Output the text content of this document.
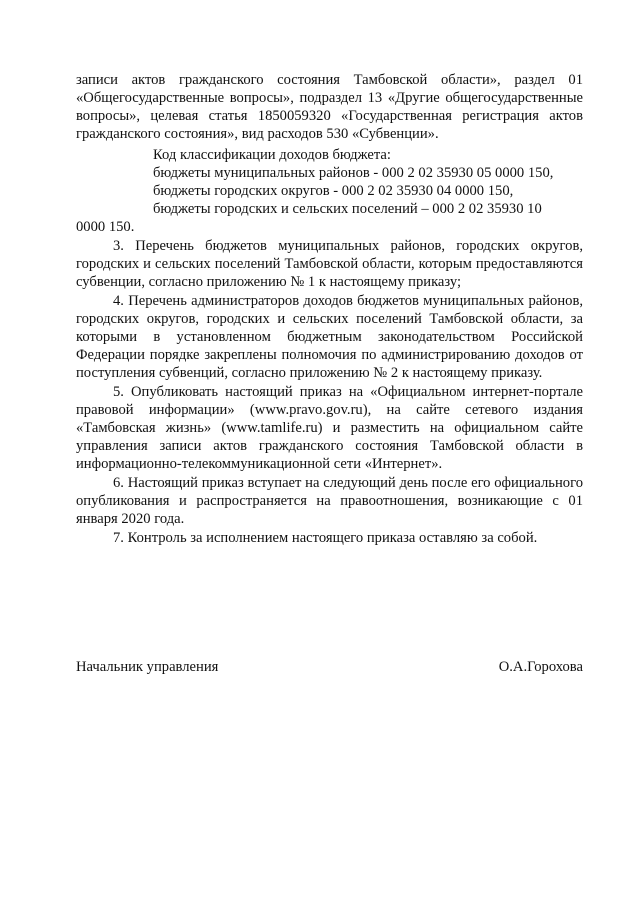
записи актов гражданского состояния Тамбовской области», раздел 01 «Общегосударственные вопросы», подраздел 13 «Другие общегосударственные вопросы», целевая статья 1850059320 «Государственная регистрация актов гражданского состояния», вид расходов 530 «Субвенции».

Код классификации доходов бюджета:
бюджеты муниципальных районов - 000 2 02 35930 05 0000 150,
бюджеты городских округов - 000 2 02 35930 04 0000 150,
бюджеты городских и сельских поселений – 000 2 02 35930 10
0000 150.

3. Перечень бюджетов муниципальных районов, городских округов, городских и сельских поселений Тамбовской области, которым предоставляются субвенции, согласно приложению № 1 к настоящему приказу;

4. Перечень администраторов доходов бюджетов муниципальных районов, городских округов, городских и сельских поселений Тамбовской области, за которыми в установленном бюджетным законодательством Российской Федерации порядке закреплены полномочия по администрированию доходов от поступления субвенций, согласно приложению № 2 к настоящему приказу.

5. Опубликовать настоящий приказ на «Официальном интернет-портале правовой информации» (www.pravo.gov.ru), на сайте сетевого издания «Тамбовская жизнь» (www.tamlife.ru) и разместить на официальном сайте управления записи актов гражданского состояния Тамбовской области в информационно-телекоммуникационной сети «Интернет».

6. Настоящий приказ вступает на следующий день после его официального опубликования и распространяется на правоотношения, возникающие с 01 января 2020 года.

7. Контроль за исполнением настоящего приказа оставляю за собой.

Начальник управления	О.А.Горохова
